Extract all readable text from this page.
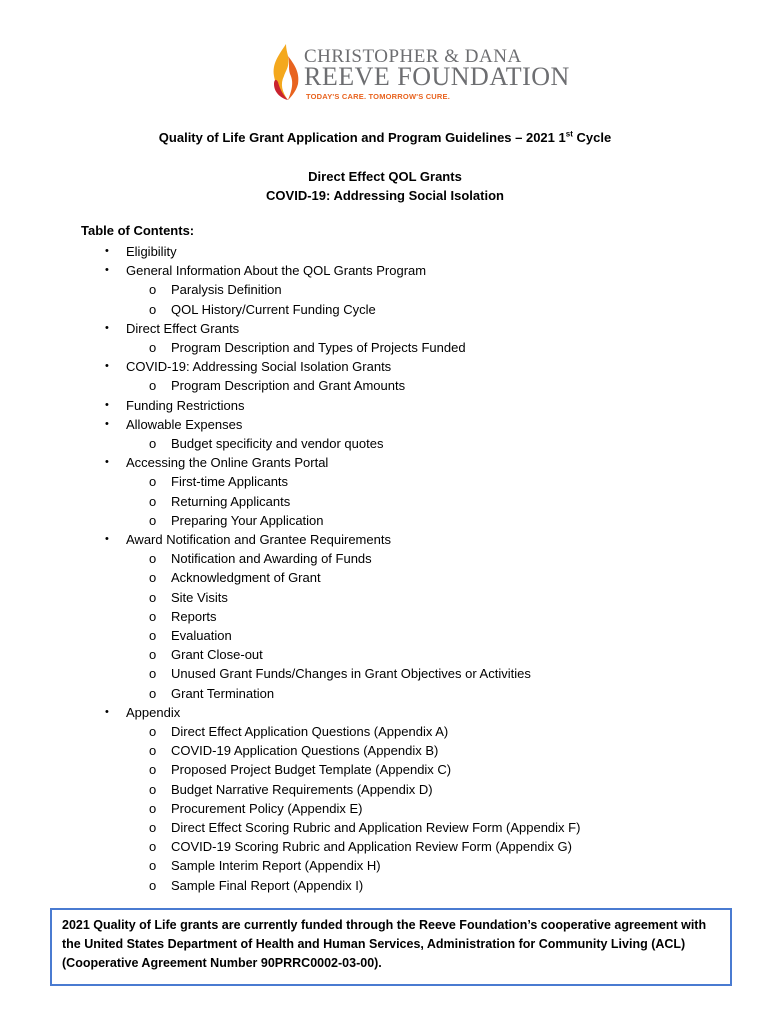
CHRISTOPHER & DANA
REEVE FOUNDATION
TODAY'S CARE. TOMORROW'S CURE.
Quality of Life Grant Application and Program Guidelines – 2021 1st Cycle
Direct Effect QOL Grants
COVID-19: Addressing Social Isolation
Table of Contents:
• Eligibility
• General Information About the QOL Grants Program
o Paralysis Definition
o QOL History/Current Funding Cycle
• Direct Effect Grants
o Program Description and Types of Projects Funded
• COVID-19: Addressing Social Isolation Grants
o Program Description and Grant Amounts
• Funding Restrictions
• Allowable Expenses
o Budget specificity and vendor quotes
• Accessing the Online Grants Portal
o First-time Applicants
o Returning Applicants
o Preparing Your Application
• Award Notification and Grantee Requirements
o Notification and Awarding of Funds
o Acknowledgment of Grant
o Site Visits
o Reports
o Evaluation
o Grant Close-out
o Unused Grant Funds/Changes in Grant Objectives or Activities
o Grant Termination
• Appendix
o Direct Effect Application Questions (Appendix A)
o COVID-19 Application Questions (Appendix B)
o Proposed Project Budget Template (Appendix C)
o Budget Narrative Requirements (Appendix D)
o Procurement Policy (Appendix E)
o Direct Effect Scoring Rubric and Application Review Form (Appendix F)
o COVID-19 Scoring Rubric and Application Review Form (Appendix G)
o Sample Interim Report (Appendix H)
o Sample Final Report (Appendix I)
2021 Quality of Life grants are currently funded through the Reeve Foundation’s cooperative agreement with the United States Department of Health and Human Services, Administration for Community Living (ACL) (Cooperative Agreement Number 90PRRC0002-03-00).
